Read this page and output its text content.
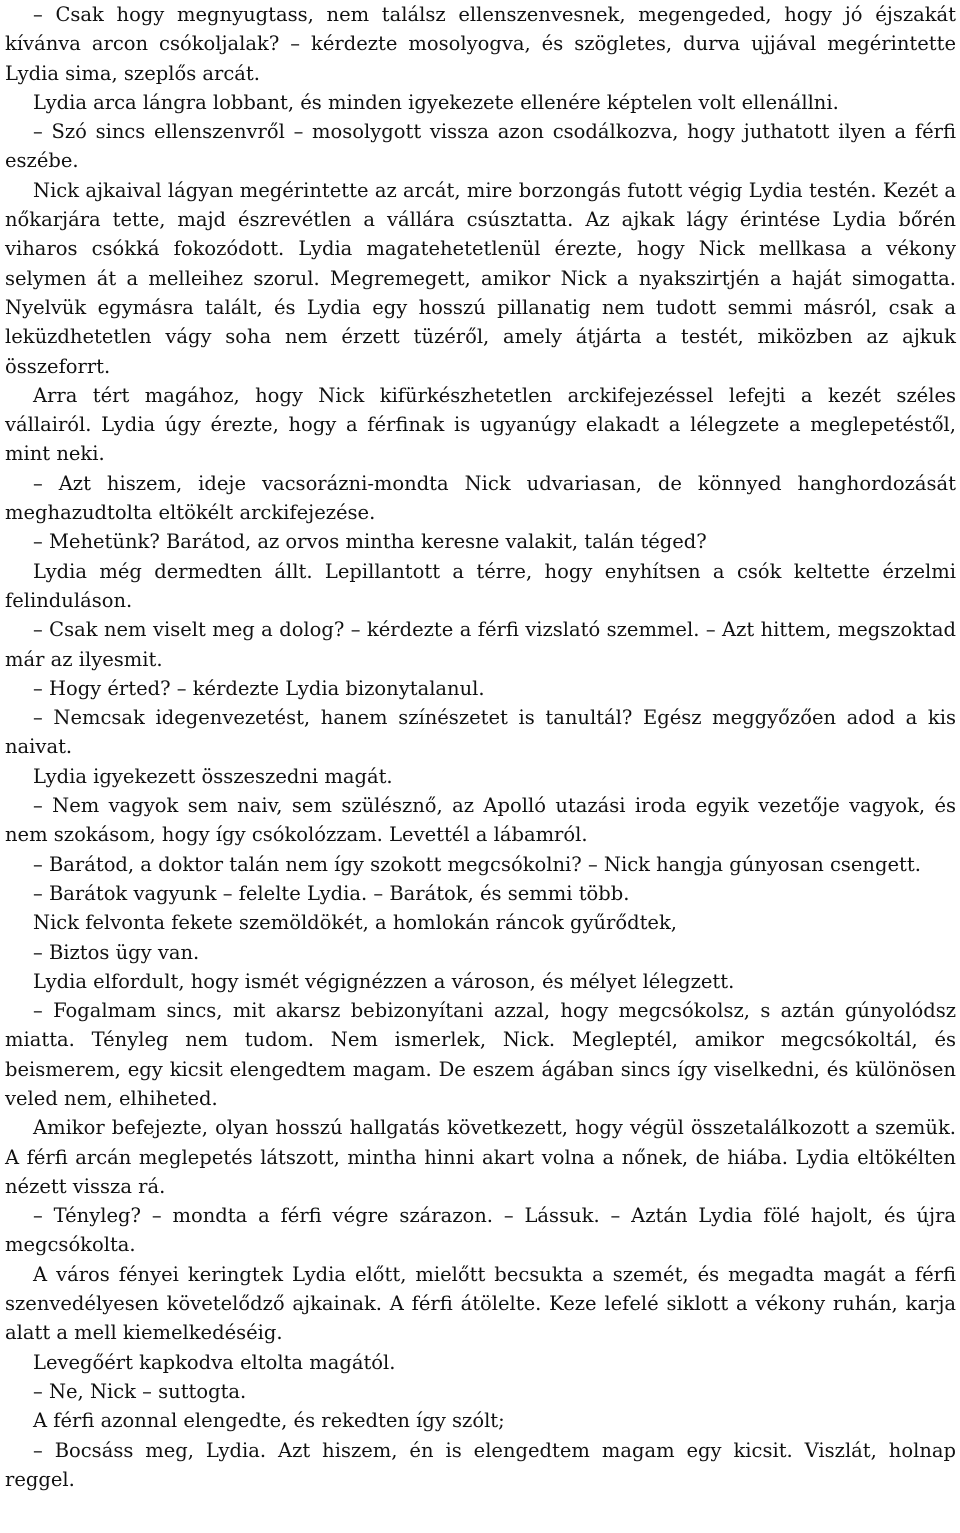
– Csak hogy megnyugtass, nem találsz ellenszenvesnek, megengeded, hogy jó éjszakát kívánva arcon csókoljalak? – kérdezte mosolyogva, és szögletes, durva ujjával megérintette Lydia sima, szeplős arcát.

Lydia arca lángra lobbant, és minden igyekezete ellenére képtelen volt ellenállni.

– Szó sincs ellenszenvről – mosolygott vissza azon csodálkozva, hogy juthatott ilyen a férfi eszébe.

Nick ajkaival lágyan megérintette az arcát, mire borzongás futott végig Lydia testén. Kezét a nőkarjára tette, majd észrevétlen a vállára csúsztatta. Az ajkak lágy érintése Lydia bőrén viharos csókká fokozódott. Lydia magatehetetlenül érezte, hogy Nick mellkasa a vékony selymen át a melleihez szorul. Megremegett, amikor Nick a nyakszirtjén a haját simogatta. Nyelvük egymásra talált, és Lydia egy hosszú pillanatig nem tudott semmi másról, csak a leküzdhetetlen vágy soha nem érzett tüzéről, amely átjárta a testét, miközben az ajkuk összeforrt.

Arra tért magához, hogy Nick kifürkészhetetlen arckifejezéssel lefejti a kezét széles vállairól. Lydia úgy érezte, hogy a férfinak is ugyanúgy elakadt a lélegzete a meglepetéstől, mint neki.

– Azt hiszem, ideje vacsorázni-mondta Nick udvariasan, de könnyed hanghordozását meghazudtolta eltökélt arckifejezése.

– Mehetünk? Barátod, az orvos mintha keresne valakit, talán téged?

Lydia még dermedten állt. Lepillantott a térre, hogy enyhítsen a csók keltette érzelmi felinduláson.

– Csak nem viselt meg a dolog? – kérdezte a férfi vizslató szemmel. – Azt hittem, megszoktad már az ilyesmit.

– Hogy érted? – kérdezte Lydia bizonytalanul.

– Nemcsak idegenvezetést, hanem színészetet is tanultál? Egész meggyőzően adod a kis naivat.

Lydia igyekezett összeszedni magát.

– Nem vagyok sem naiv, sem szülésznő, az Apolló utazási iroda egyik vezetője vagyok, és nem szokásom, hogy így csókolózzam. Levettél a lábamról.

– Barátod, a doktor talán nem így szokott megcsókolni? – Nick hangja gúnyosan csengett.

– Barátok vagyunk – felelte Lydia. – Barátok, és semmi több.

Nick felvonta fekete szemöldökét, a homlokán ráncok gyűrődtek,

– Biztos ügy van.

Lydia elfordult, hogy ismét végignézzen a városon, és mélyet lélegzett.

– Fogalmam sincs, mit akarsz bebizonyítani azzal, hogy megcsókolsz, s aztán gúnyolódsz miatta. Tényleg nem tudom. Nem ismerlek, Nick. Megleptél, amikor megcsókoltál, és beismerem, egy kicsit elengedtem magam. De eszem ágában sincs így viselkedni, és különösen veled nem, elhiheted.

Amikor befejezte, olyan hosszú hallgatás következett, hogy végül összetalálkozott a szemük. A férfi arcán meglepetés látszott, mintha hinni akart volna a nőnek, de hiába. Lydia eltökélten nézett vissza rá.

– Tényleg? – mondta a férfi végre szárazon. – Lássuk. – Aztán Lydia fölé hajolt, és újra megcsókolta.

A város fényei keringtek Lydia előtt, mielőtt becsukta a szemét, és megadta magát a férfi szenvedélyesen követelődző ajkainak. A férfi átölelte. Keze lefelé siklott a vékony ruhán, karja alatt a mell kiemelkedéséig.

Levegőért kapkodva eltolta magától.

– Ne, Nick – suttogta.

A férfi azonnal elengedte, és rekedten így szólt;

– Bocsáss meg, Lydia. Azt hiszem, én is elengedtem magam egy kicsit. Viszlát, holnap reggel.
